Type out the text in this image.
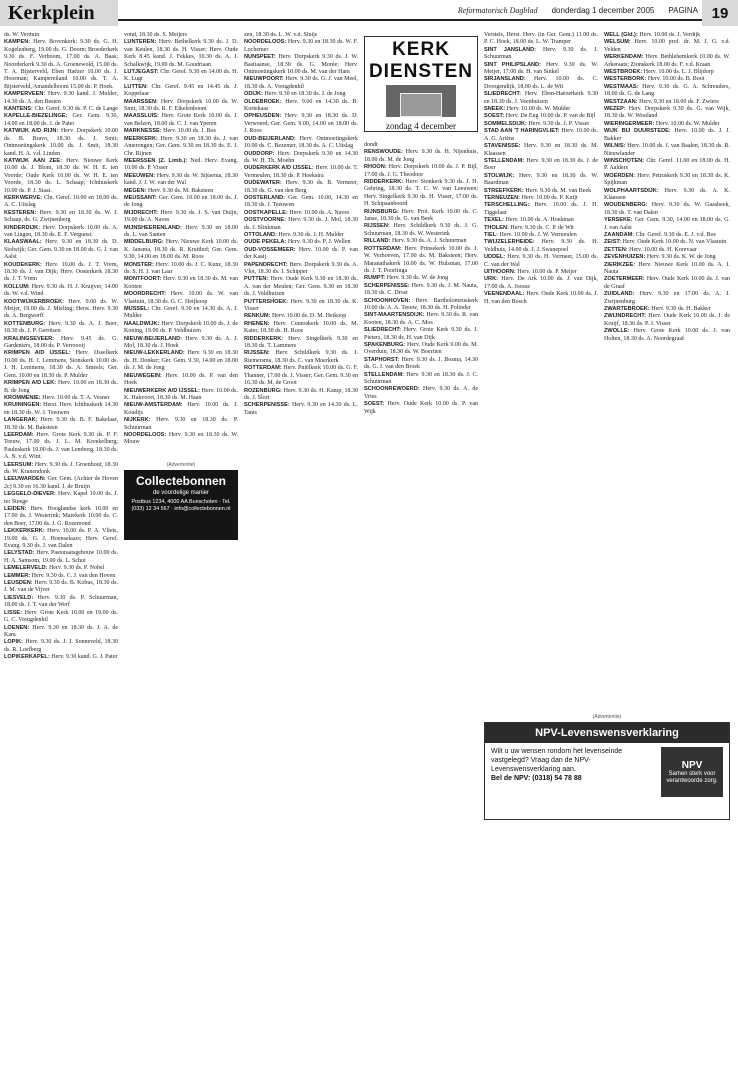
Kerkplein	Reformatorisch Dagblad donderdag 1 december 2005 PAGINA 19

ds. W. Verduin

KAMPEN: Herv. Bovenkerk: 9.30 ds. G. H. Kogelenberg, 19.00 ds. G. Doorn; Broederkerk 9.30 ds. F. Verboom, 17.00 ds. A. Baas; Noorderkerk 9.30 ds. A. Groenewold, 15.00 ds. T. A. Bijsterveld, Eben Haëzer 10.00 ds. J. Hoorman; Kampereiland 10.00 ds. T. A. Bijsterveld, Amandelboom 15.00 ds. P. Hoek.

KAMPERVEEN: Herv. 9.30 kand. J. Mulder, 14.30 ds. A. den Besten

KANTENS: Chr. Geref. 9.30 ds. P. C. de Lange

KAPELLE-BIEZELINGE: Ger. Gem. 9.30, 14.00 en 18.00 ds. J. de Pater

KATWIJK A/D RIJN: Herv. Dorpskerk 10.00 ds. B. Bravo, 18.30 ds. J. Smit; Ontmoetingskerk 10.00 ds. J. Smit, 18.30 kand. H. A. v.d. Linden

KATWIJK AAN ZEE: Herv. Nieuwe Kerk 10.00 ds. J. Blom, 18.30 ds. W. H. E. ten Voorde; Oude Kerk 10.00 ds. W. H. E. ten Voorde, 18.30 ds. L. Schaap; Ichthuskerk 10.00 ds. P. J. Staat.

KERKWERVE: Chr. Geref. 10.00 en 18.00 ds. A. C. Uitslag

KESTEREN: Herv. 9.30 en 18.30 ds. W. J. Schaap, ds. G. Zwijnenberg

KINDERDIJK: Herv. Dorpskerk 10.00 ds. A. van Lingen, 18.30 ds. E. F. Vergunst.

KLAASWAAL: Herv. 9.30 en 18.30 ds. D. Stolwijk; Ger. Gem. 9.30 en 18.00 ds. G. J. van Aalst

KOUDEKERK: Herv. 10.00 ds. J. T. Vrem, 18.30 ds. J. van Dijk; Herv. Oosterkerk 18.30 ds. J. T. Vrem

KOLLUM: Herv. 9.30 ds. H. J. Kruijver, 14.00 ds. W. v.d. Wind

KOOTWIJKERBROEK: Herv. 9.00 ds. W. Meijer, 19.00 ds. J. Mieling; Herst. Herv. 9.30 ds. A. Bergwerff

KOTTENBURG: Herv. 9.30 ds. A. J. Boer, 18.30 ds. J. P. Gerritsen

KRALINGSEVEER: Herv. 9.45 ds. G. Gardeniers, 18.00 ds. P. Verroooij

KRIMPEN A/D IJSSEL: Herv. IJsselkerk 10.00 ds. H. J. Lemmens, Sionskerk 10.00 ds. J. H. Lemmens, 18.30 ds. A. Smeels; Ger. Gem. 10.00 en 18.30 ds. P. Mulder

KRIMPEN A/D LEK: Herv. 10.00 en 18.30 ds. B. de Jong

KROMMENIE: Herv. 10.00 ds. T. A. Vesner

KRUININGEN: Herst. Herv. Ichthuskerk 14.30 en 18.30 ds. W. J. Teeuwen

LANGERAK: Herv. 9.30 ds. B. F. Bakelaar, 18.30 ds. M. Baksteen

LEERDAM: Herv. Grote Kerk 9.30 ds. P. F. Teeuw, 17.00 ds. J. L. M. Kreekelberg; Pauluskerk 10.00 ds. J. van Lemborg, 18.30 ds. A. N. v.d. Wint.

LEERSUM: Herv. 9.30 ds. J. Groenhout, 18.30 ds. W. Kranendonk

LEEUWARDEN: Ger. Gem. (Achter de Hoven 2c) 9.30 en 16.30 kand. J. de Bruijn

LEGGELO-DIEVER: Herv. Kapel 10.00 ds. J. ter Steege

LEIDEN: Herv. Hooglandse kerk 10.00 en 17.00 ds. J. Westerink; Marekerk 10.00 ds. C. den Boer, 17.00 ds. J. G. Rozemond

LEKKERKERK: Herv. 10.00 ds. P. A. Vliets, 19.00 ds. G. J. Hoenselaars; Herv. Geref. Evang. 9.30 ds. J. van Dalen

LELYSTAD: Herv. Pastoraatsgebouw 10.00 ds. H. A. Samsom, 19.00 ds. L. Schot

LEMELERVELD: Herv. 9.30 ds. P. Nobel

LEMMER: Herv. 9.30 ds. C. J. van den Hoven

LEUSDEN: Herv. 9.30 ds. B. Kobus, 18.30 ds. J. M. van de Vijver

LIESVELD: Herv. 9.30 ds. P. Schuurman, 18.00 ds. J. T. van der Werf

LISSE: Herv. Grote Kerk 10.00 en 19.00 ds. G. C. Vreugdenhil

LOENEN: Herv. 9.30 en 18.30 ds. J. A. de Kam

LOPIK: Herv. 9.30 ds. J. J. Sonneveld, 18.30 ds. R. Loefberg

LOPIKERKAPEL: Herv. 9.30 kand. G. J. Pater

vond, 18.30 ds. S. Meijers

LUNTEREN: Herv. Bethelkerk 9.30 ds. J. D. van Keulen, 18.30 ds. H. Visser; Herv. Oude Kerk 8.45 kand. J. Fekkes, 10.30 ds. A. J. Schalkwijk, 19.00 ds. M. Goudriaan

LUTJEGAST: Chr. Geref. 9.30 en 14.00 ds. H. K. Lugt

LUTTEN: Chr. Geref. 9.45 en 14.45 ds. J. Koppelaar

MAARSSEN: Herv. Dorpskerk 10.00 ds. W. Smit, 18.30 ds. R. F. Eikelenboom

MAASSLUIS: Herv. Grote Kerk 10.00 ds. J. van Belzen, 18.00 ds. C. J. van Yperen

MARKNESSE: Herv. 10.00 ds. J. Bos

MEERKERK: Herv. 9.30 en 18.30 ds. J. van Amerongen; Ger. Gem. 9.30 en 18.30 ds. E. J. Chr. Rijnen

MEERSSEN (Z. Limb.): Ned. Herv. Evang. 10.00 ds. P. Visser

MEEUWEN: Herv. 9.30 ds. W. Sijtsema, 18.30 kand. J. J. W. van der Wal

MEGEN: Herv. 9.30 ds. M. Baksteen

MEUSSANT: Ger. Gem. 10.00 en 18.00 ds. J. de Jong

MIJDRECHT: Herv. 9.30 ds. J. S. van Duijn, 19.00 ds. A. Naves

MIJNSHEERENLAND: Herv. 9.30 en 18.00 ds. L. van Santen

MIDDELBURG: Herv. Nieuwe Kerk 10.00 ds. K. Jansma, 18.30 ds. R. Kruithof; Ger. Gem. 9.30, 14.00 en 18.00 ds. M. Roos

MONSTER: Herv. 10.00 ds. J. C. Kunz, 18.30 ds. S. H. J. van Laar

MONTFOORT: Herv. 9.30 en 18.30 ds. M. van Kooten

MOORDRECHT: Herv. 10.00 ds. W. van Vlastuin, 18.30 ds. G. C. Heijkoop

MUSSEL: Chr. Geref. 9.30 en 14.30 ds. A. J. Mulder

NAALDWIJK: Herv. Dorpskerk 10.00 ds. J. de Koning, 19.00 ds. P. Veldhuizen

NIEUW-BEIJERLAND: Herv. 9.30 ds. A. J. Mol, 18.30 ds. J. Hoek

NIEUW-LEKKERLAND: Herv. 9.30 en 18.30 ds. H. Donker; Ger. Gem. 9.30, 14.00 en 18.00 ds. J. M. de Jong

NIEUWEGEIN: Herv. 10.00 ds. P. van den Hoek

NIEUWERKERK A/D IJSSEL: Herv. 10.00 ds. K. Hakvoort, 18.30 ds. M. Haan

NIEUW-AMSTERDAM: Herv. 10.00 ds. J. Koudijs

NIJKERK: Herv. 9.30 en 18.30 ds. P. Schuurman

NOORDELOOS: Herv. 9.30 en 18.30 ds. W. Mouw

zen, 18.30 ds. L. W. v.d. Sluijs

NOORDELOOS: Herv. 9.30 en 18.30 ds. W. F. Lochemer

NUNSPEET: Herv. Dorpskerk 9.30 ds. J. W. Bastiaanse, 18.30 ds. G. Morée; Herv. Ontmoetingskerk 10.00 ds. M. van der Ham

NIEUWPOORT: Herv. 9.30 ds. G. J. van Meel, 18.30 ds. A. Vreugdenhil

ODIJK: Herv. 9.30 en 18.30 ds. J. de Jong

OLDEBROEK: Herv. 9.00 en 14.30 ds. B. Kortekaas

OPHEUSDEN: Herv. 9.30 en 18.30 ds. D. Verwoerd; Ger. Gem. 9.00, 14.00 en 18.00 ds. J. Roos

OUD-BEIJERLAND: Herv. Ontmoetingskerk 10.00 ds. C. Bezemer, 18.30 ds. A. C. Uitslag

OUDDORP: Herv. Dorpskerk 9.30 en 14.30 ds. W. H. Th. Moehn

OUDERKERK A/D IJSSEL: Herv. 10.00 ds. T. Vermeulen, 18.30 ds. P. Hoekstra

OUDEWATER: Herv. 9.30 ds. B. Vermeer, 18.30 ds. G. van den Berg

OOSTERLAND: Ger. Gem. 10.00, 14.30 en 18.30 ds. J. Teeuwen

OOSTKAPELLE: Herv. 10.00 ds. A. Naves

OOSTVOORNE: Herv. 9.30 ds. J. Mol, 18.30 ds. J. Slinkman

OTTOLAND: Herv. 9.30 ds. J. H. Mulder

OUDE PEKELA: Herv. 9.30 ds. P. J. Wellen

OUD-VOSSEMEER: Herv. 10.00 ds. P. van der Kaaij

PAPENDRECHT: Herv. Dorpskerk 9.30 ds. A. Vlot, 18.30 ds. J. Schipper

PUTTEN: Herv. Oude Kerk 9.30 en 18.30 ds. A. van der Meulen; Ger. Gem. 9.30 en 18.30 ds. J. Veldhuizen

PUTTERSHOEK: Herv. 9.30 en 18.30 ds. K. Visser

RENKUM: Herv. 10.00 ds. D. M. Heikoop

RHENEN: Herv. Cunerakerk 10.00 ds. M. Kater, 18.30 ds. H. Roos

RIDDERKERK: Herv. Singelkerk 9.30 en 18.30 ds. T. Lammers

RIJSSEN: Herv. Schildkerk 9.30 ds. J. Riemersma, 18.30 ds. C. van Moerkerk

ROTTERDAM: Herv. Pniëlkerk 10.00 ds. G. F. Thanner, 17.00 ds. J. Visser; Ger. Gem. 9.30 en 16.30 ds. M. de Groot

ROZENBURG: Herv. 9.30 ds. H. Kamp, 18.30 ds. J. Slort

SCHERPENISSE: Herv. 9.30 en 14.30 ds. L. Tanis

dondt

RENSWOUDE: Herv. 9.30 ds. H. Nijenhuis, 18.00 ds. M. de Jong

RHOON: Herv. Dorpskerk 10.00 ds. J. P. Bijl, 17.00 ds. J. G. Theodoor

RIDDERKERK: Herv. Sionkerk 9.30 ds. J. H. Gehring, 18.30 ds. T. C. W. van Leeuwen; Herv. Singelkerk 9.30 ds. H. Visser, 17.00 ds. H. Schipaanboord

RIJNSBURG: Herv. Prot. Kerk 10.00 ds. C. Janse, 18.30 ds. G. van Beek

RIJSSEN: Herv. Schildkerk 9.30 ds. J. G. Schuurman, 18.30 ds. W. Westerink

RILLAND: Herv. 9.30 ds. A. J. Schuurman

ROTTERDAM: Herv. Prinsekerk 10.00 ds. J. W. Verhoeven, 17.00 ds. M. Baksteen; Herv. Maranathakerk 10.00 ds. W. Hulsman, 17.00 ds. J. T. Poortinga

RUMPT: Herv. 9.30 ds. W. de Jong

SCHERPENISSE: Herv. 9.30 ds. J. M. Nauta, 18.30 ds. C. Drost

SCHOONHOVEN: Herv. Bartholomeuskerk 10.00 ds. A. A. Teeuw, 18.30 ds. H. Polinder

SINT-MAARTENSDIJK: Herv. 9.30 ds. R. van Kooten, 18.30 ds. A. C. Mos

SLIEDRECHT: Herv. Grote Kerk 9.30 ds. J. Pieters, 18.30 ds. H. van Dijk

SPAKENBURG: Herv. Oude Kerk 9.00 ds. M. Overduin, 18.30 ds. W. Boertien

STAPHORST: Herv. 9.30 ds. J. Bosma, 14.30 ds. G. J. van den Broek

STELLENDAM: Herv. 9.30 en 18.30 ds. J. C. Schuurman

SCHOONREWOERD: Herv. 9.30 ds. A. de Vries

SOEST: Herv. Oude Kerk 10.00 ds. P. van Wijk

Verstels, Herst. Herv. (in Ger. Gem.) 11.00 ds. P. C. Hoek, 18.00 ds. L. W. Tramper

SINT JANSLAND: Herv. 9.30 ds. J. Schuurman

SINT PHILIPSLAND: Herv. 9.30 ds. W. Meijer, 17.00 ds. H. van Sinkel

SIRJANSLAND: Herv. 10.00 ds. C. Droogendijk, 18.00 ds. L. de Wit

SLIEDRECHT: Herv. Eben-Haëzerkerk 9.30 en 18.30 ds. J. Veenhuizen

SNEEK: Herv. 10.00 ds. W. Mulder

SOEST: Herv. De Eng 10.00 ds. P. van de Bijl

SOMMELSDIJK: Herv. 9.30 ds. J. P. Visser

STAD AAN 'T HARINGVLIET: Herv. 10.00 ds. A. G. Ariëns

STAVENISSE: Herv. 9.30 en 18.30 ds. M. Klaassen

STELLENDAM: Herv. 9.30 en 18.30 ds. J. de Boer

STOLWIJK: Herv. 9.30 en 18.30 ds. W. Baardman

STREEFKERK: Herv. 9.30 ds. M. van Beek

TERNEUZEN: Herv. 10.00 ds. P. Kuijt

TERSCHELLING: Herv. 10.00 ds. J. H. Tiggelaar

TEXEL: Herv. 10.00 ds. A. Hoekman

THOLEN: Herv. 9.30 ds. C. P. de Wit

TIEL: Herv. 10.00 ds. J. W. Vermeulen

TWIJZELERHEIDE: Herv. 9.30 ds. H. Veldhuis, 14.00 ds. J. J. Swanepoel

UDDEL: Herv. 9.30 ds. H. Vermeer, 15.00 ds. C. van der Wal

UITHOORN: Herv. 10.00 ds. P. Meijer

URK: Herv. De Ark 10.00 ds. J. van Dijk, 17.00 ds. A. Joosse

VEENENDAAL: Herv. Oude Kerk 10.00 ds. J. H. van den Bosch

WELL (Gld.): Herv. 10.00 ds. J. Verdijk

WELSUM: Herv. 10.00 prof. dr. M. J. G. v.d. Velden

WERKENDAM: Herv. Bethlehemkerk 10.00 ds. W. Arkeraats; Zionskerk 18.00 ds. F. v.d. Kraan

WESTBROEK: Herv. 10.00 ds. L. J. Blijdorp

WESTERBORK: Herv. 10.00 ds. B. Boot

WESTMAAS: Herv. 9.30 ds. G. A. Schreuders, 18.00 ds. G. de Lang

WESTZAAN: Herv. 9.30 en 18.00 ds. F. Zwiers

WEZEP: Herv. Dorpskerk 9.30 ds. G. van Wijk, 18.30 ds. W. Westland

WIERINGERMEER: Herv. 10.00 ds. W. Mulder

WIJK BIJ DUURSTEDE: Herv. 10.00 ds. J. J. Bakker

WILNIS: Herv. 10.00 ds. J. van Baalen, 18.30 ds. R. Nieuwlander

WINSCHOTEN: Chr. Geref. 11.00 en 18.00 ds. H. P. Aalders

WOERDEN: Herv. Petruskerk 9.30 en 18.30 ds. K. Spijkman

WOLPHAARTSDIJK: Herv. 9.30 ds. A. K. Klaassen

WOUDENBERG: Herv. 9.30 ds. W. Gaasbeek, 18.30 ds. T. van Dalen

YERSEKE: Ger. Gem. 9.30, 14.00 en 18.00 ds. G. J. van Aalst

ZAANDAM: Chr. Geref. 9.30 ds. E. J. v.d. Bos

ZEIST: Herv. Oude Kerk 10.00 ds. N. van Vlastuin

ZETTEN: Herv. 10.00 ds. H. Korevaar

ZEVENHUIZEN: Herv. 9.30 ds. K. W. de Jong

ZIERIKZEE: Herv. Nieuwe Kerk 10.00 ds. A. J. Nauta

ZOETERMEER: Herv. Oude Kerk 10.00 ds. J. van de Graaf

ZUIDLAND: Herv. 9.30 en 17.00 ds. A. J. Zwijnenburg

ZWARTEBROEK: Herv. 9.30 ds. H. Bakker

ZWIJNDRECHT: Herv. Oude Kerk 10.00 ds. J. de Kruijf, 18.30 ds. P. J. Visser

ZWOLLE: Herv. Grote Kerk 10.00 ds. J. van Holten, 18.30 ds. A. Noordegraaf

KERK
DIENSTEN
zondag 4 december
(Advertentie)
Collectebonnen
de voordelige manier
Postbus 1234, 4000 AA Bunschoten · Tel. (033) 12 34 567 · info@collectebonnen.nl
(Advertentie)
NPV-Levenswensverklaring
Wilt u uw wensen rondom het levenseinde vastgelegd? Vraag dan de NPV-Levenswensverklaring aan.
Bel de NPV: (0318) 54 78 88
NPV
Samen sterk voor verantwoorde zorg.
